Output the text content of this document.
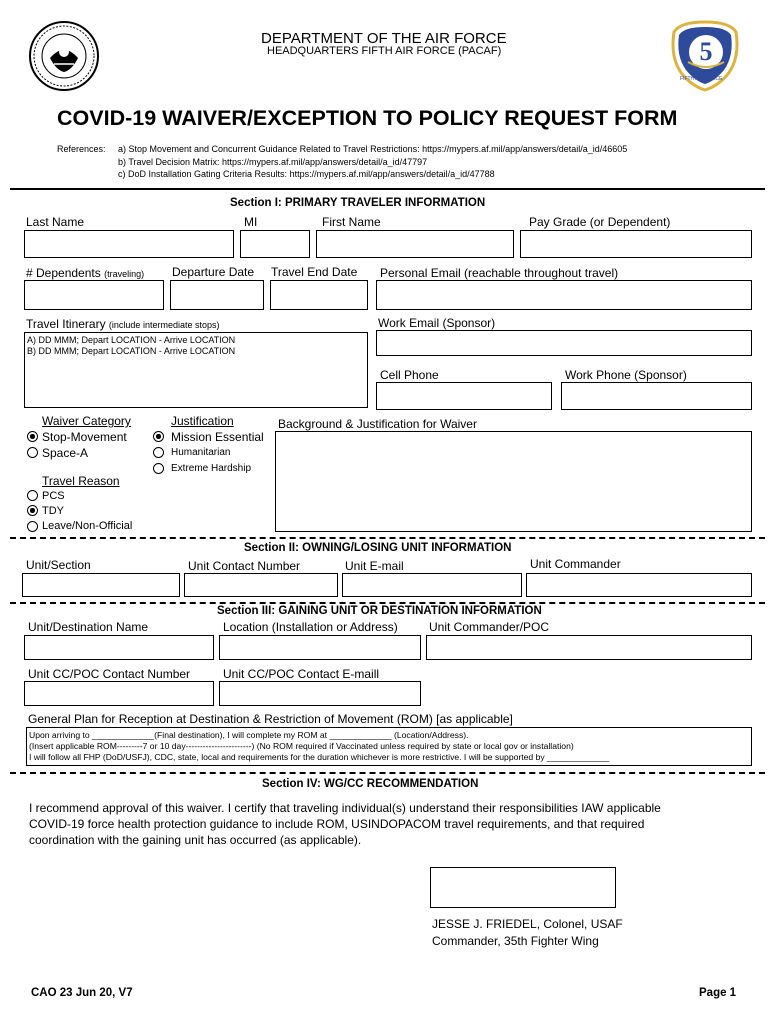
5
FIFTH AIR FORCE
DEPARTMENT OF THE AIR FORCE
HEADQUARTERS FIFTH AIR FORCE (PACAF)
COVID-19 WAIVER/EXCEPTION TO POLICY REQUEST FORM
References: a) Stop Movement and Concurrent Guidance Related to Travel Restrictions: https://mypers.af.mil/app/answers/detail/a_id/46605
b) Travel Decision Matrix: https://mypers.af.mil/app/answers/detail/a_id/47797
c) DoD Installation Gating Criteria Results: https://mypers.af.mil/app/answers/detail/a_id/47788
Section I: PRIMARY TRAVELER INFORMATION
Last Name	MI	First Name	Pay Grade (or Dependent)
# Dependents (traveling) Departure Date Travel End Date Personal Email (reachable throughout travel)
Travel Itinerary (include intermediate stops)	Work Email (Sponsor)
A) DD MMM; Depart LOCATION - Arrive LOCATION
B) DD MMM; Depart LOCATION - Arrive LOCATION
Cell Phone	Work Phone (Sponsor)
Waiver Category
Stop-Movement
Space-A
Justification
Mission Essential
Humanitarian
Extreme Hardship
Background & Justification for Waiver
Travel Reason
PCS
TDY
Leave/Non-Official
Section II: OWNING/LOSING UNIT INFORMATION
Unit/Section	Unit Contact Number	Unit E-mail	Unit Commander
Section III: GAINING UNIT OR DESTINATION INFORMATION
Unit/Destination Name	Location (Installation or Address)	Unit Commander/POC
Unit CC/POC Contact Number	Unit CC/POC Contact E-maill
General Plan for Reception at Destination & Restriction of Movement (ROM) [as applicable]
Upon arriving to _____________(Final destination), I will complete my ROM at _____________ (Location/Address).
(Insert applicable ROM---------7 or 10 day-----------------------) (No ROM required if Vaccinated unless required by state or local gov or installation)
I will follow all FHP (DoD/USFJ), CDC, state, local and requirements for the duration whichever is more restrictive. I will be supported by _____________
Section IV: WG/CC RECOMMENDATION
I recommend approval of this waiver. I certify that traveling individual(s) understand their responsibilities IAW applicable
COVID-19 force health protection guidance to include ROM, USINDOPACOM travel requirements, and that required
coordination with the gaining unit has occurred (as applicable).
JESSE J. FRIEDEL, Colonel, USAF
Commander, 35th Fighter Wing
CAO 23 Jun 20, V7	Page 1
